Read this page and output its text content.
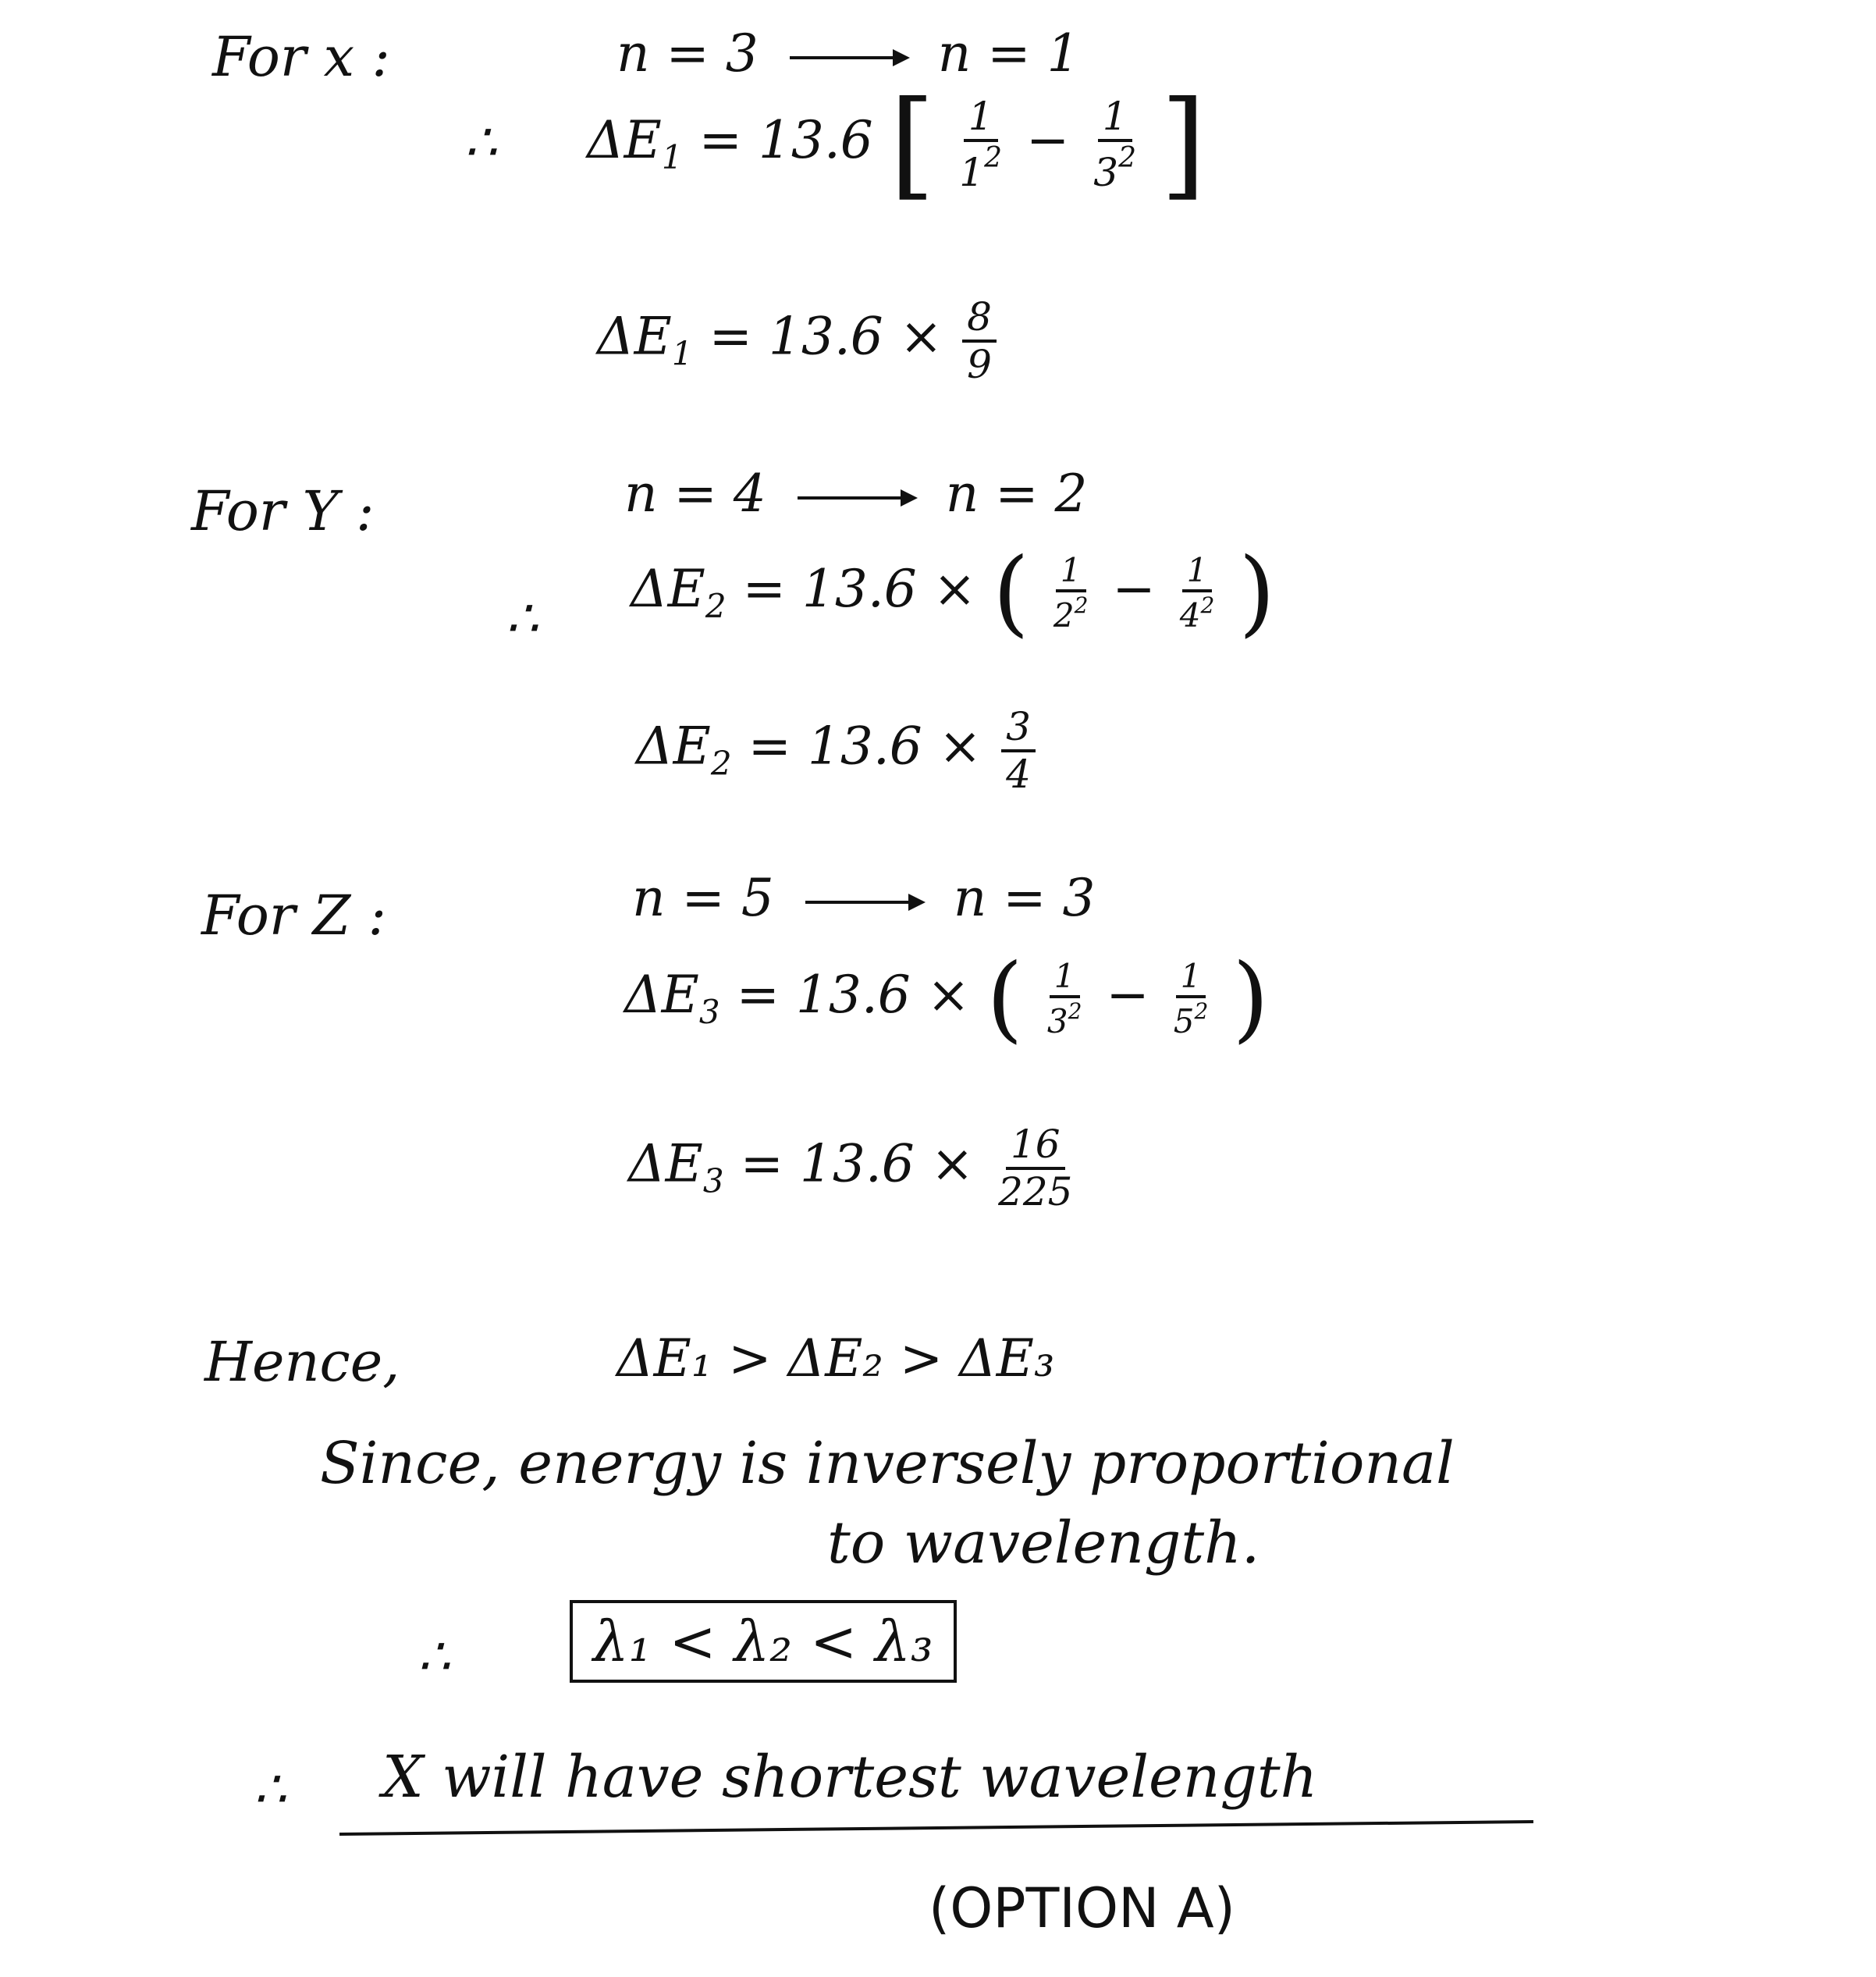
For x :	n = 3	n = 1
∴ $\Delta E_1 = 13.6$ [ $\frac{1}{1^2} - \frac{1}{3^2}$ ]
$\Delta E_1 = 13.6 \times \frac{8}{9}$
For Y :	n = 4	n = 2
∴ $\Delta E_2 = 13.6$ × ( $\frac{1}{2^2} - \frac{1}{4^2}$ )
$\Delta E_2 = 13.6 \times \frac{3}{4}$
For Z :	n = 5	n = 3
$\Delta E_3 = 13.6$ × ( $\frac{1}{3^2} - \frac{1}{5^2}$ )
$\Delta E_3 = 13.6 \times \frac{16}{225}$
Hence,	ΔE₁ > ΔE₂ > ΔE₃
Since, energy is inversely proportional
to wavelength.
∴	λ₁ < λ₂ < λ₃
∴ X will have shortest wavelength
(OPTION A)
